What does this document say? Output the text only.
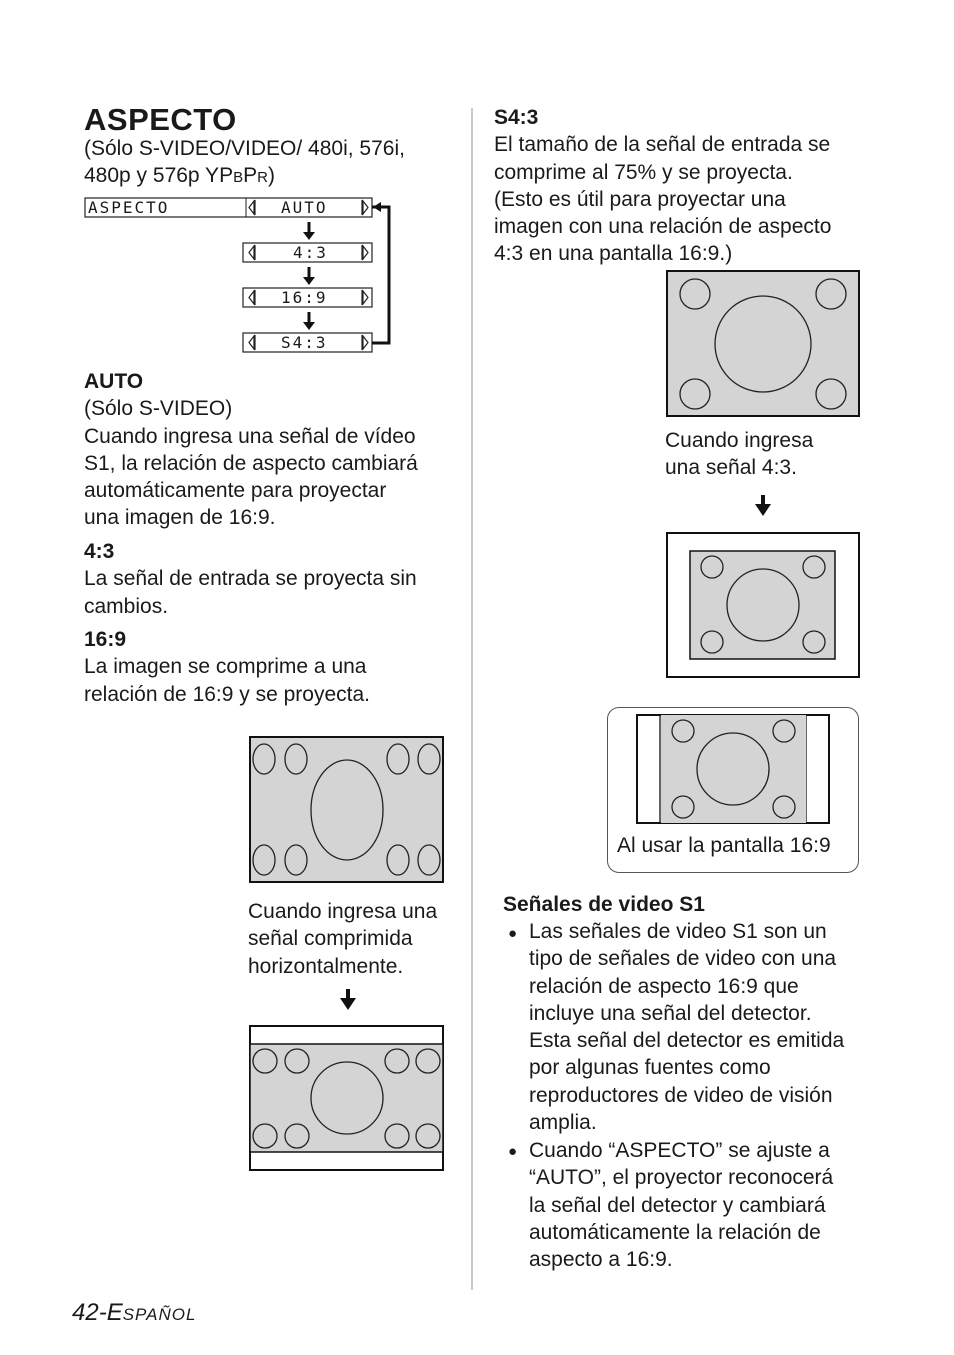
ASPECTO
(Sólo S-VIDEO/VIDEO/ 480i, 576i,
480p y 576p YPBPR)
ASPECTO	AUTO
4:3
16:9
S4:3
AUTO
(Sólo S-VIDEO)
Cuando ingresa una señal de vídeo
S1, la relación de aspecto cambiará
automáticamente para proyectar
una imagen de 16:9.
4:3
La señal de entrada se proyecta sin
cambios.
16:9
La imagen se comprime a una
relación de 16:9 y se proyecta.
Cuando ingresa una
señal comprimida
horizontalmente.
S4:3
El tamaño de la señal de entrada se
comprime al 75% y se proyecta.
(Esto es útil para proyectar una
imagen con una relación de aspecto
4:3 en una pantalla 16:9.)
Cuando ingresa
una señal 4:3.
Al usar la pantalla 16:9
Señales de video S1
● Las señales de video S1 son un
tipo de señales de video con una
relación de aspecto 16:9 que
incluye una señal del detector.
Esta señal del detector es emitida
por algunas fuentes como
reproductores de video de visión
amplia.
● Cuando “ASPECTO” se ajuste a
“AUTO”, el proyector reconocerá
la señal del detector y cambiará
automáticamente la relación de
aspecto a 16:9.
42-ESPAÑOL
